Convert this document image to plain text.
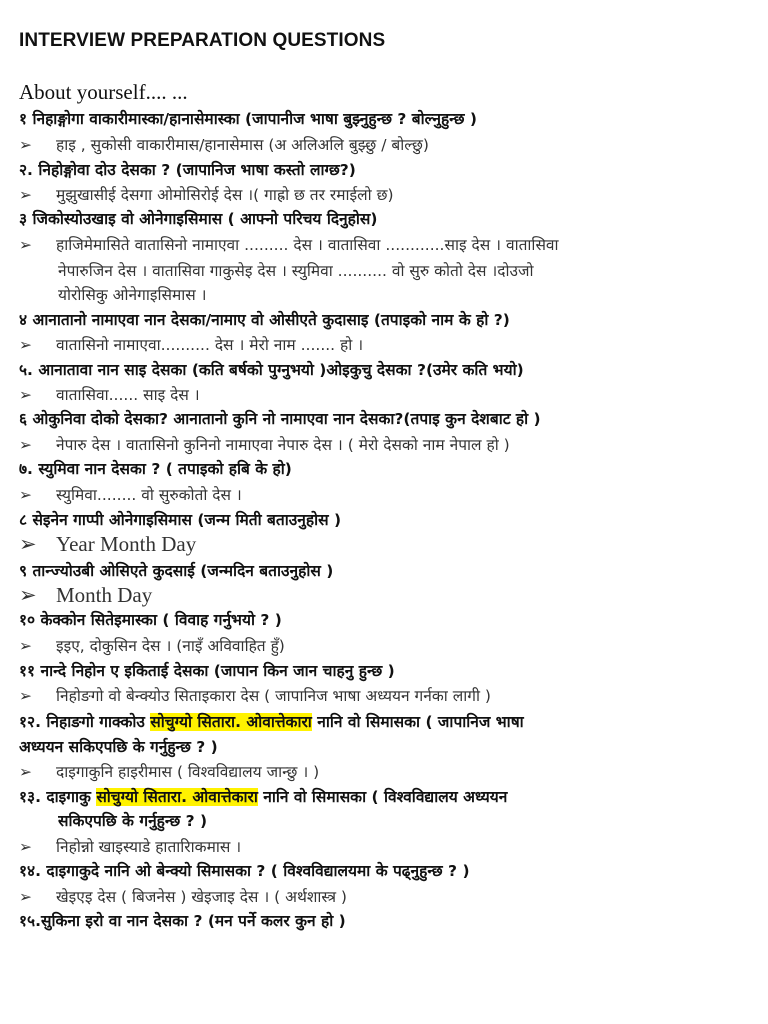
INTERVIEW PREPARATION QUESTIONS
About yourself.... ...
१ निहाङ्गोगा वाकारीमास्का/हानासेमास्का (जापानीज भाषा बुझ्नुहुन्छ ? बोल्नुहुन्छ )
➢ हाइ , सुकोसी वाकारीमास/हानासेमास (अ अलिअलि बुझ्छु / बोल्छु)
२. निहोङ्गोवा दोउ देसका ? (जापानिज भाषा कस्तो लाग्छ?)
➢ मुझुखासीई देसगा ओमोसिरोई देस ।( गाह्रो छ तर रमाईलो छ)
३ जिकोस्योउखाइ वो ओनेगाइसिमास ( आफ्नो परिचय दिनुहोस)
➢ हाजिमेमासिते वातासिनो नामाएवा ......... देस । वातासिवा ............साइ देस । वातासिवा
नेपारुजिन देस । वातासिवा गाकुसेइ देस । स्युमिवा .......... वो सुरु कोतो देस ।दोउजो
योरोसिकु ओनेगाइसिमास ।
४ आनातानो नामाएवा नान देसका/नामाए वो ओसीएते कुदासाइ (तपाइको नाम के हो ?)
➢ वातासिनो नामाएवा.......... देस । मेरो नाम ....... हो ।
५. आनातावा नान साइ देसका (कति बर्षको पुग्नुभयो )ओइकुचु देसका ?(उमेर कति भयो)
➢ वातासिवा...... साइ देस ।
६ ओकुनिवा दोको देसका? आनातानो कुनि नो नामाएवा नान देसका?(तपाइ कुन देशबाट हो )
➢ नेपारु देस । वातासिनो कुनिनो नामाएवा नेपारु देस । ( मेरो देसको नाम नेपाल हो )
७. स्युमिवा नान देसका ? ( तपाइको हबि के हो)
➢ स्युमिवा........ वो सुरुकोतो देस ।
८ सेइनेन गाप्पी ओनेगाइसिमास (जन्म मिती बताउनुहोस )
➢ Year Month Day
९ तान्ज्योउबी ओसिएते कुदसाई (जन्मदिन बताउनुहोस )
➢ Month Day
१० केक्कोन सितेइमास्का ( विवाह गर्नुभयो ? )
➢ इइए, दोकुसिन देस । (नाइँ अविवाहित हुँ)
११ नान्दे निहोन ए इकिताई देसका (जापान किन जान चाहनु हुन्छ )
➢ निहोङगो वो बेन्क्योउ सिताइकारा देस ( जापानिज भाषा अध्ययन गर्नका लागी )
१२. निहाङगो गाक्कोउ सोचुग्यो सितारा. ओवात्तेकारा नानि वो सिमासका ( जापानिज भाषा
अध्ययन सकिएपछि के गर्नुहुन्छ ? )
➢ दाइगाकुनि हाइरीमास ( विश्वविद्यालय जान्छु । )
१३. दाइगाकु सोचुग्यो सितारा. ओवात्तेकारा नानि वो सिमासका ( विश्वविद्यालय अध्ययन
सकिएपछि के गर्नुहुन्छ ? )
➢ निहोन्नो खाइस्याडे हातारािकमास ।
१४. दाइगाकुदे नानि ओ बेन्क्यो सिमासका ? ( विश्वविद्यालयमा के पढ्नुहुन्छ ? )
➢ खेइएइ देस ( बिजनेस ) खेइजाइ देस । ( अर्थशास्त्र )
१५.सुकिना इरो वा नान देसका ? (मन पर्ने कलर कुन हो )
